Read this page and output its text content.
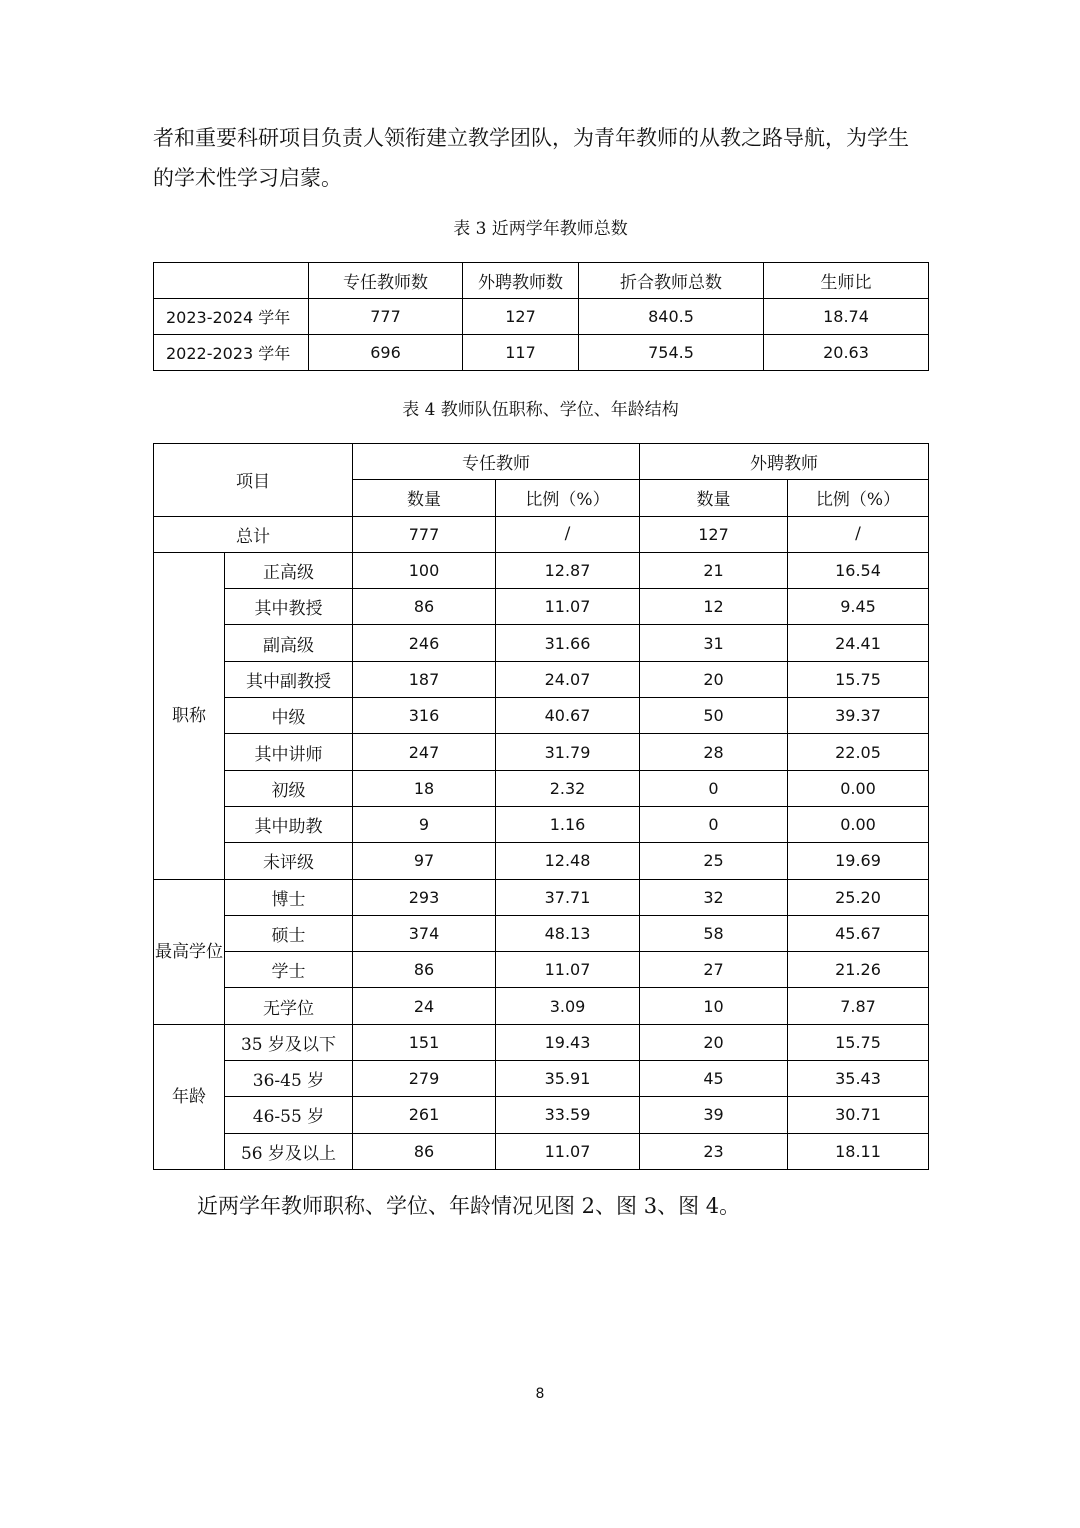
者和重要科研项目负责人领衔建立教学团队，为青年教师的从教之路导航，为学生的学术性学习启蒙。
表 3 近两学年教师总数
	专任教师数	外聘教师数	折合教师总数	生师比
2023-2024 学年	777	127	840.5	18.74
2022-2023 学年	696	117	754.5	20.63
表 4 教师队伍职称、学位、年龄结构
项目		专任教师		外聘教师	
		数量	比例（%）	数量	比例（%）
总计		777	/	127	/
职称	正高级	100	12.87	21	16.54
	其中教授	86	11.07	12	9.45
	副高级	246	31.66	31	24.41
	其中副教授	187	24.07	20	15.75
	中级	316	40.67	50	39.37
	其中讲师	247	31.79	28	22.05
	初级	18	2.32	0	0.00
	其中助教	9	1.16	0	0.00
	未评级	97	12.48	25	19.69
最高学位	博士	293	37.71	32	25.20
	硕士	374	48.13	58	45.67
	学士	86	11.07	27	21.26
	无学位	24	3.09	10	7.87
年龄	35 岁及以下	151	19.43	20	15.75
	36-45 岁	279	35.91	45	35.43
	46-55 岁	261	33.59	39	30.71
	56 岁及以上	86	11.07	23	18.11
近两学年教师职称、学位、年龄情况见图 2、图 3、图 4。
8
